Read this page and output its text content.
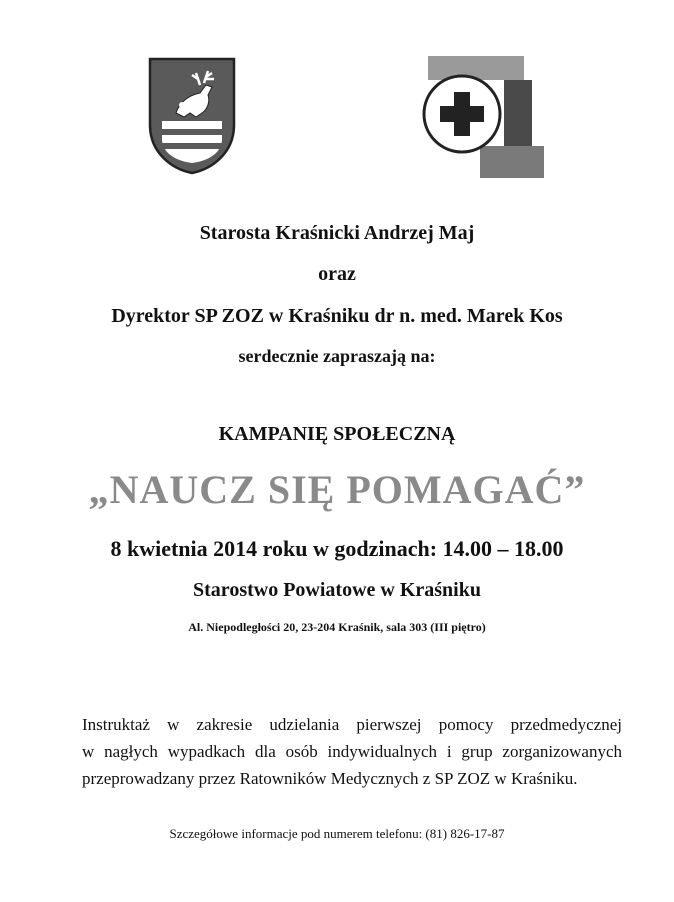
Starosta Kraśnicki Andrzej Maj
oraz
Dyrektor SP ZOZ w Kraśniku dr n. med. Marek Kos
serdecznie zapraszają na:
KAMPANIĘ SPOŁECZNĄ
„NAUCZ SIĘ POMAGAĆ”
8 kwietnia 2014 roku w godzinach: 14.00 – 18.00
Starostwo Powiatowe w Kraśniku
Al. Niepodległości 20, 23-204 Kraśnik, sala 303 (III piętro)
Instruktaż w zakresie udzielania pierwszej pomocy przedmedycznej
w nagłych wypadkach dla osób indywidualnych i grup zorganizowanych
przeprowadzany przez Ratowników Medycznych z SP ZOZ w Kraśniku.
Szczegółowe informacje pod numerem telefonu: (81) 826-17-87
